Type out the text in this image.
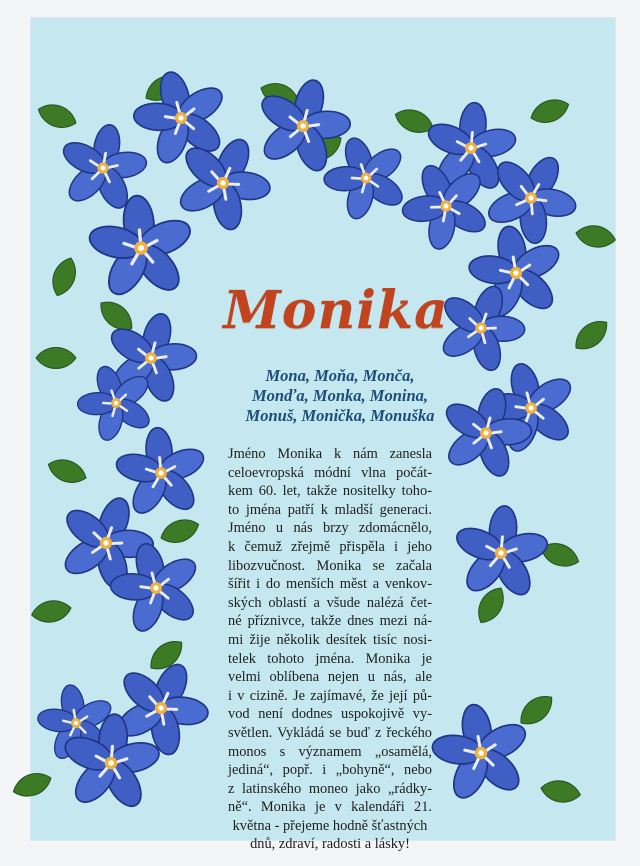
Monika
Mona, Moňa, Monča,
Monďa, Monka, Monina,
Monuš, Monička, Monuška
Jméno Monika k nám zanesla
celoevropská módní vlna počát-
kem 60. let, takže nositelky toho-
to jména patří k mladší generaci.
Jméno u nás brzy zdomácnělo,
k čemuž zřejmě přispěla i jeho
libozvučnost. Monika se začala
šířit i do menších měst a venkov-
ských oblastí a všude nalézá čet-
né příznivce, takže dnes mezi ná-
mi žije několik desítek tisíc nosi-
telek tohoto jména. Monika je
velmi oblíbena nejen u nás, ale
i v cizině. Je zajímavé, že její pů-
vod není dodnes uspokojivě vy-
světlen. Vykládá se buď z řeckého
monos s významem „osamělá,
jediná“, popř. i „bohyně“, nebo
z latinského moneo jako „rádky-
ně“. Monika je v kalendáři 21.
května - přejeme hodně šťastných
dnů, zdraví, radosti a lásky!
